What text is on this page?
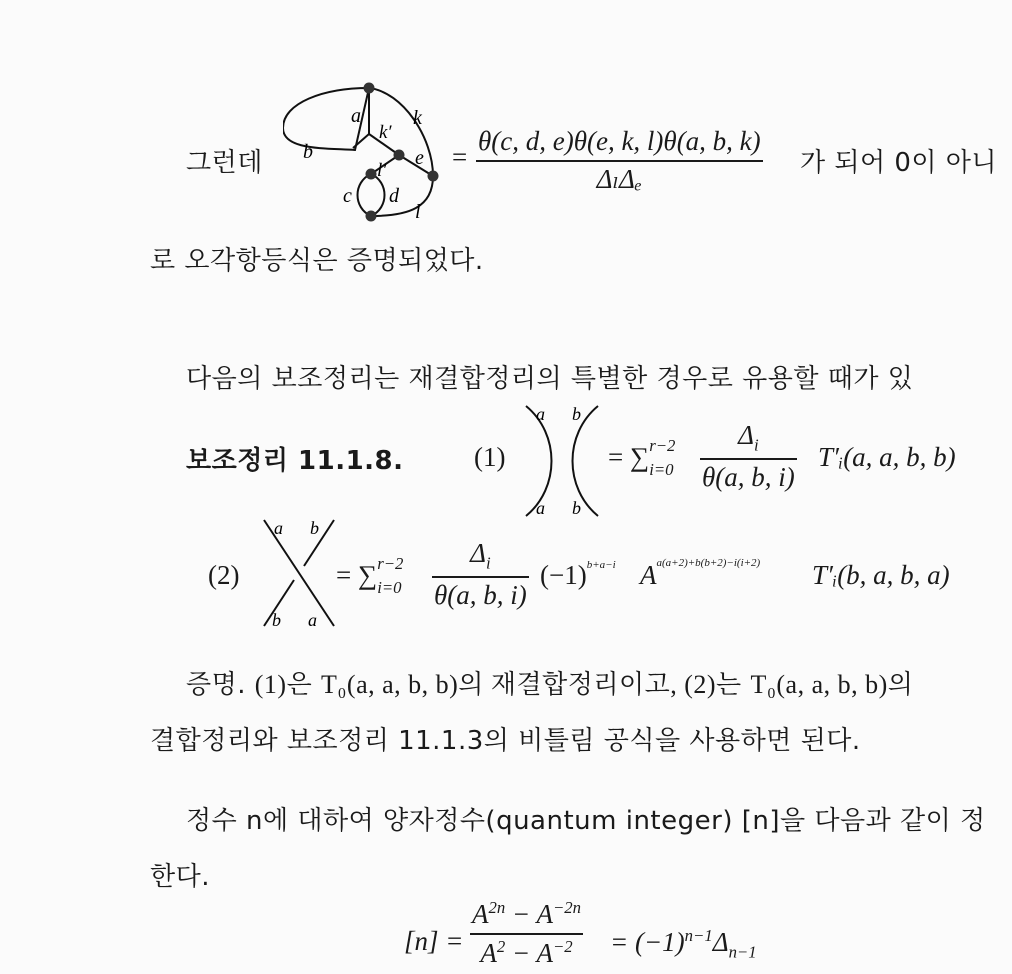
그런데
a
b
k′
k
e
l′
c d
l
=
θ(c, d, e)θ(e, k, l)θ(a, b, k)
ΔₗΔₑ
가 되어 0이 아니
로 오각항등식은 증명되었다.
다음의 보조정리는 재결합정리의 특별한 경우로 유용할 때가 있
보조정리 11.1.8.	(1)
a b
a b
= ∑ r−2
i=0
$\Delta_i$
θ(a, b, i)
T′ᵢ(a, a, b, b)
(2)
a b
b a
= ∑ r−2
i=0
$\Delta_i$
θ(a, b, i)
$(-1)^{b+a-i}$ $A^{a(a+2)+b(b+2)-i(i+2)}$ T′ᵢ(b, a, b, a)
증명. (1)은 T₀(a, a, b, b)의 재결합정리이고, (2)는 T₀(a, a, b, b)의
결합정리와 보조정리 11.1.3의 비틀림 공식을 사용하면 된다.
정수 n에 대하여 양자정수(quantum integer) [n]을 다음과 같이 정
한다.
[n] =
$A^{2n} - A^{-2n}$
$A^2 - A^{-2} = (-1)^{n-1}\Delta_{n-1}$
